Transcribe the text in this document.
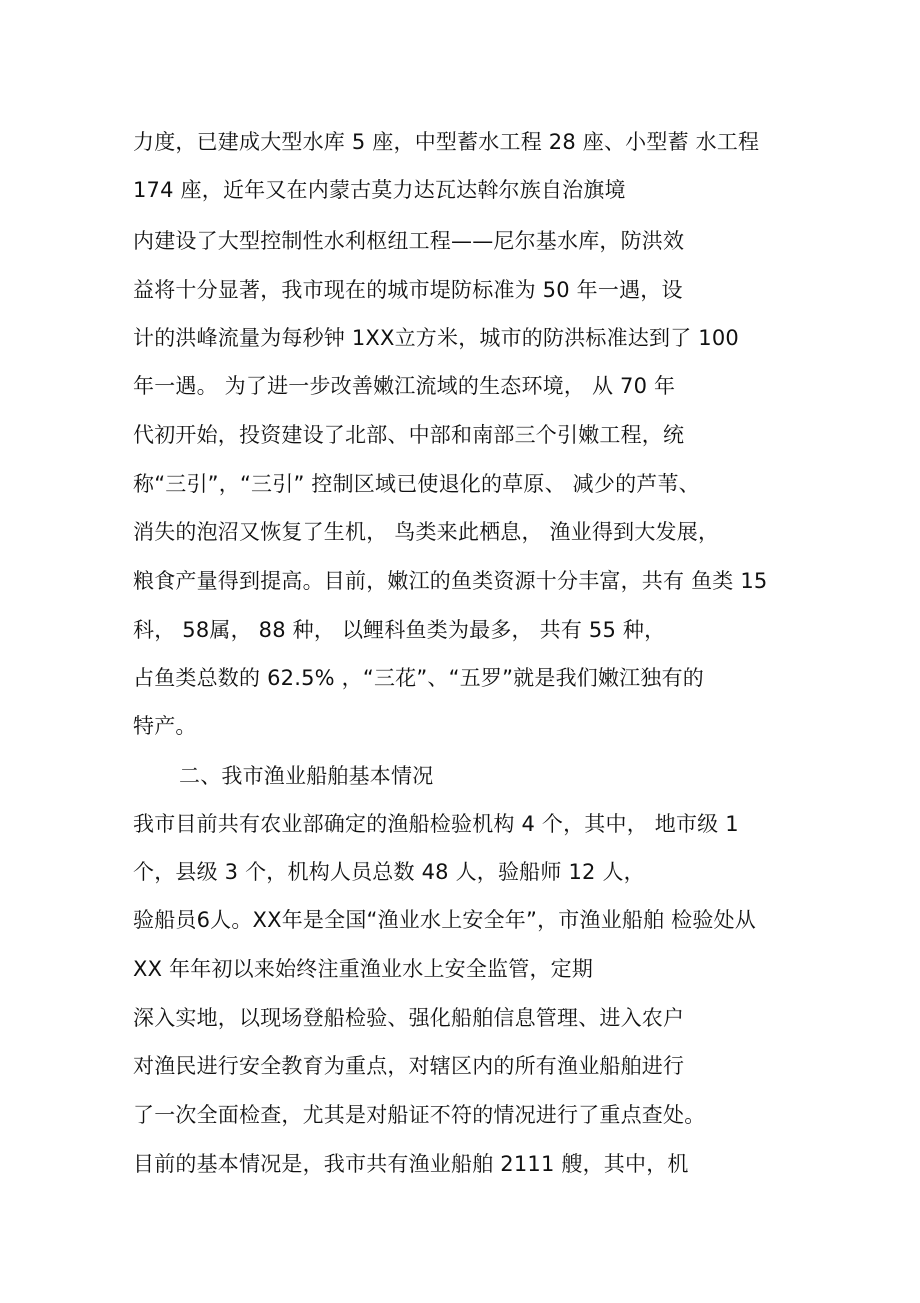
力度，已建成大型水库 5 座，中型蓄水工程 28 座、小型蓄 水工程
174 座，近年又在内蒙古莫力达瓦达斡尔族自治旗境
内建设了大型控制性水利枢纽工程——尼尔基水库，防洪效
益将十分显著，我市现在的城市堤防标准为 50 年一遇，设
计的洪峰流量为每秒钟 1XX立方米，城市的防洪标准达到了 100
年一遇。 为了进一步改善嫩江流域的生态环境， 从 70 年
代初开始，投资建设了北部、中部和南部三个引嫩工程，统
称“三引”，“三引” 控制区域已使退化的草原、 减少的芦苇、
消失的泡沼又恢复了生机， 鸟类来此栖息， 渔业得到大发展，
粮食产量得到提高。目前，嫩江的鱼类资源十分丰富，共有 鱼类 15
科， 58属， 88 种， 以鲤科鱼类为最多， 共有 55 种，
占鱼类总数的 62.5% ，“三花”、“五罗”就是我们嫩江独有的
特产。
二、我市渔业船舶基本情况
我市目前共有农业部确定的渔船检验机构 4 个，其中， 地市级 1
个，县级 3 个，机构人员总数 48 人，验船师 12 人，
验船员6人。XX年是全国“渔业水上安全年”，市渔业船舶 检验处从
XX 年年初以来始终注重渔业水上安全监管，定期
深入实地，以现场登船检验、强化船舶信息管理、进入农户
对渔民进行安全教育为重点，对辖区内的所有渔业船舶进行
了一次全面检查，尤其是对船证不符的情况进行了重点查处。
目前的基本情况是，我市共有渔业船舶 2111 艘，其中，机
